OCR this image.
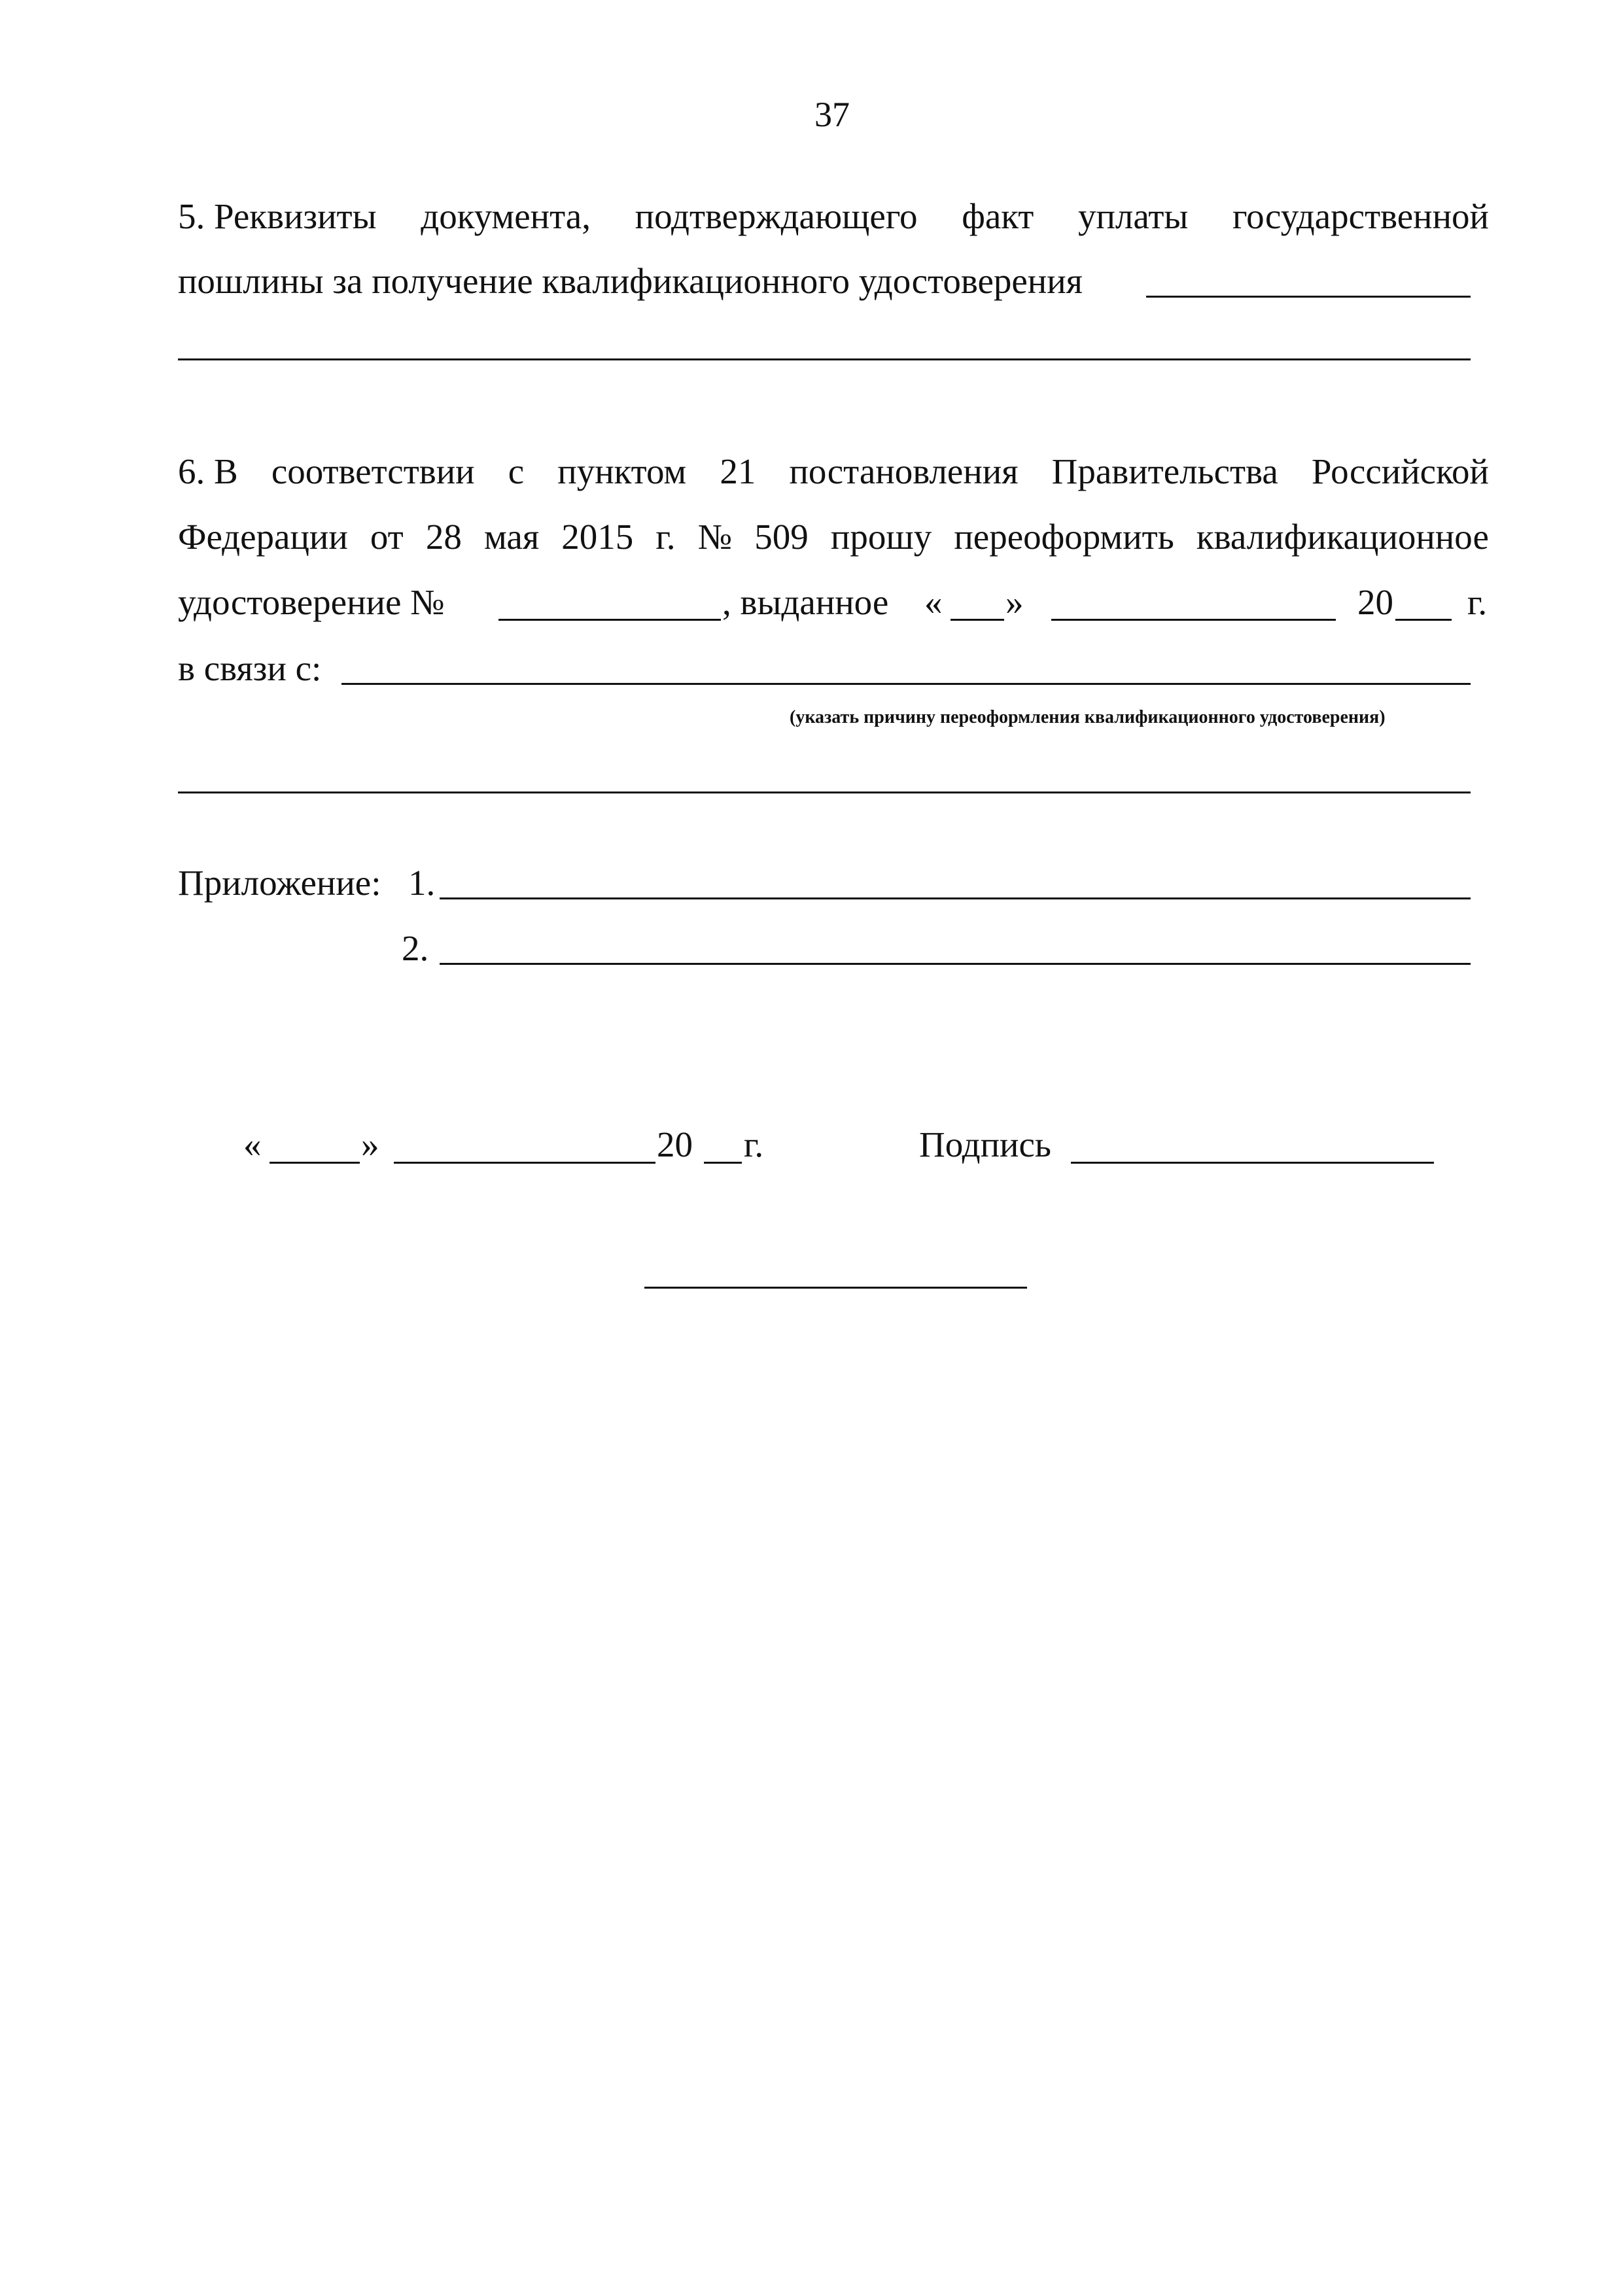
37
5. Реквизиты документа, подтверждающего факт уплаты государственной
пошлины за получение квалификационного удостоверения
6. В соответствии с пунктом 21 постановления Правительства Российской
Федерации от 28 мая 2015 г. № 509 прошу переоформить квалификационное
удостоверение №	, выданное « »	20 г.
в связи с:
(указать причину переоформления квалификационного удостоверения)
Приложение: 1.
2.
«	»	20 г.	Подпись
